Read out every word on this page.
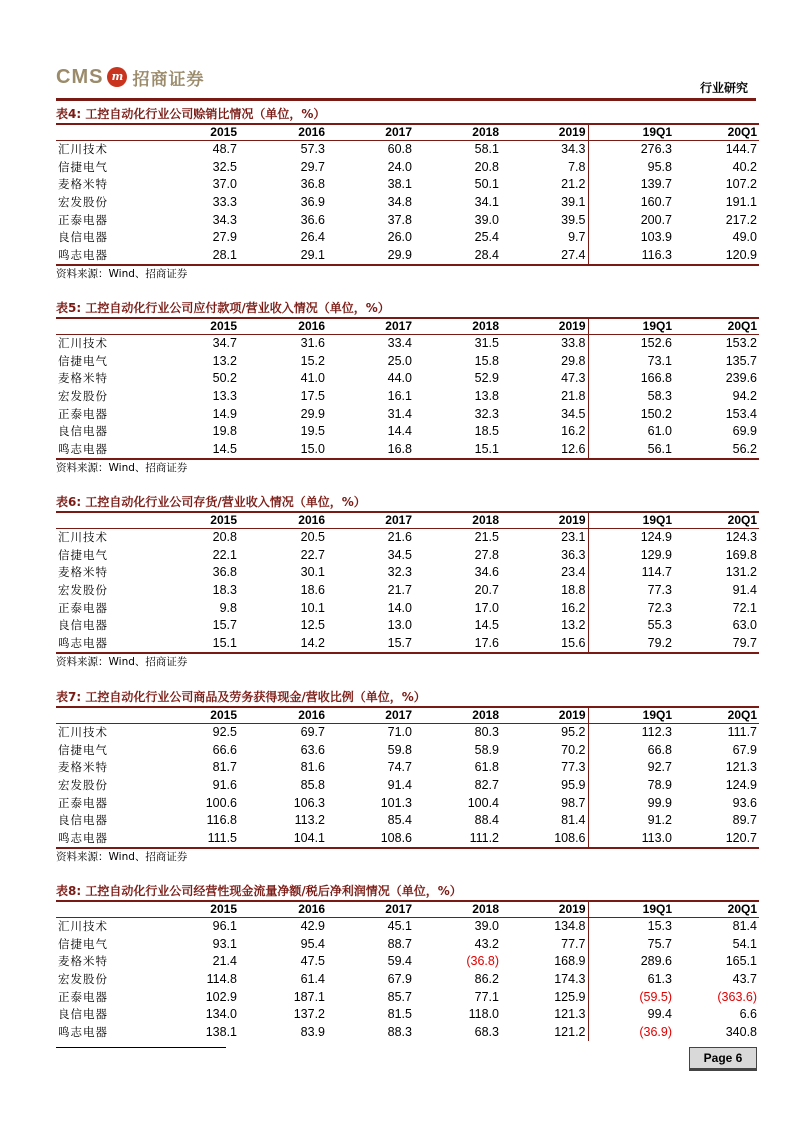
CMS m 招商证券	行业研究
表4: 工控自动化行业公司赊销比情况（单位，%）
	2015	2016	2017	2018	2019	19Q1	20Q1
汇川技术	48.7	57.3	60.8	58.1	34.3	276.3	144.7
信捷电气	32.5	29.7	24.0	20.8	7.8	95.8	40.2
麦格米特	37.0	36.8	38.1	50.1	21.2	139.7	107.2
宏发股份	33.3	36.9	34.8	34.1	39.1	160.7	191.1
正泰电器	34.3	36.6	37.8	39.0	39.5	200.7	217.2
良信电器	27.9	26.4	26.0	25.4	9.7	103.9	49.0
鸣志电器	28.1	29.1	29.9	28.4	27.4	116.3	120.9
资料来源：Wind、招商证券
表5: 工控自动化行业公司应付款项/营业收入情况（单位，%）
	2015	2016	2017	2018	2019	19Q1	20Q1
汇川技术	34.7	31.6	33.4	31.5	33.8	152.6	153.2
信捷电气	13.2	15.2	25.0	15.8	29.8	73.1	135.7
麦格米特	50.2	41.0	44.0	52.9	47.3	166.8	239.6
宏发股份	13.3	17.5	16.1	13.8	21.8	58.3	94.2
正泰电器	14.9	29.9	31.4	32.3	34.5	150.2	153.4
良信电器	19.8	19.5	14.4	18.5	16.2	61.0	69.9
鸣志电器	14.5	15.0	16.8	15.1	12.6	56.1	56.2
资料来源：Wind、招商证券
表6: 工控自动化行业公司存货/营业收入情况（单位，%）
	2015	2016	2017	2018	2019	19Q1	20Q1
汇川技术	20.8	20.5	21.6	21.5	23.1	124.9	124.3
信捷电气	22.1	22.7	34.5	27.8	36.3	129.9	169.8
麦格米特	36.8	30.1	32.3	34.6	23.4	114.7	131.2
宏发股份	18.3	18.6	21.7	20.7	18.8	77.3	91.4
正泰电器	9.8	10.1	14.0	17.0	16.2	72.3	72.1
良信电器	15.7	12.5	13.0	14.5	13.2	55.3	63.0
鸣志电器	15.1	14.2	15.7	17.6	15.6	79.2	79.7
资料来源：Wind、招商证券
表7: 工控自动化行业公司商品及劳务获得现金/营收比例（单位，%）
	2015	2016	2017	2018	2019	19Q1	20Q1
汇川技术	92.5	69.7	71.0	80.3	95.2	112.3	111.7
信捷电气	66.6	63.6	59.8	58.9	70.2	66.8	67.9
麦格米特	81.7	81.6	74.7	61.8	77.3	92.7	121.3
宏发股份	91.6	85.8	91.4	82.7	95.9	78.9	124.9
正泰电器	100.6	106.3	101.3	100.4	98.7	99.9	93.6
良信电器	116.8	113.2	85.4	88.4	81.4	91.2	89.7
鸣志电器	111.5	104.1	108.6	111.2	108.6	113.0	120.7
资料来源：Wind、招商证券
表8: 工控自动化行业公司经营性现金流量净额/税后净利润情况（单位，%）
	2015	2016	2017	2018	2019	19Q1	20Q1
汇川技术	96.1	42.9	45.1	39.0	134.8	15.3	81.4
信捷电气	93.1	95.4	88.7	43.2	77.7	75.7	54.1
麦格米特	21.4	47.5	59.4	(36.8)	168.9	289.6	165.1
宏发股份	114.8	61.4	67.9	86.2	174.3	61.3	43.7
正泰电器	102.9	187.1	85.7	77.1	125.9	(59.5)	(363.6)
良信电器	134.0	137.2	81.5	118.0	121.3	99.4	6.6
鸣志电器	138.1	83.9	88.3	68.3	121.2	(36.9)	340.8
Page 6
